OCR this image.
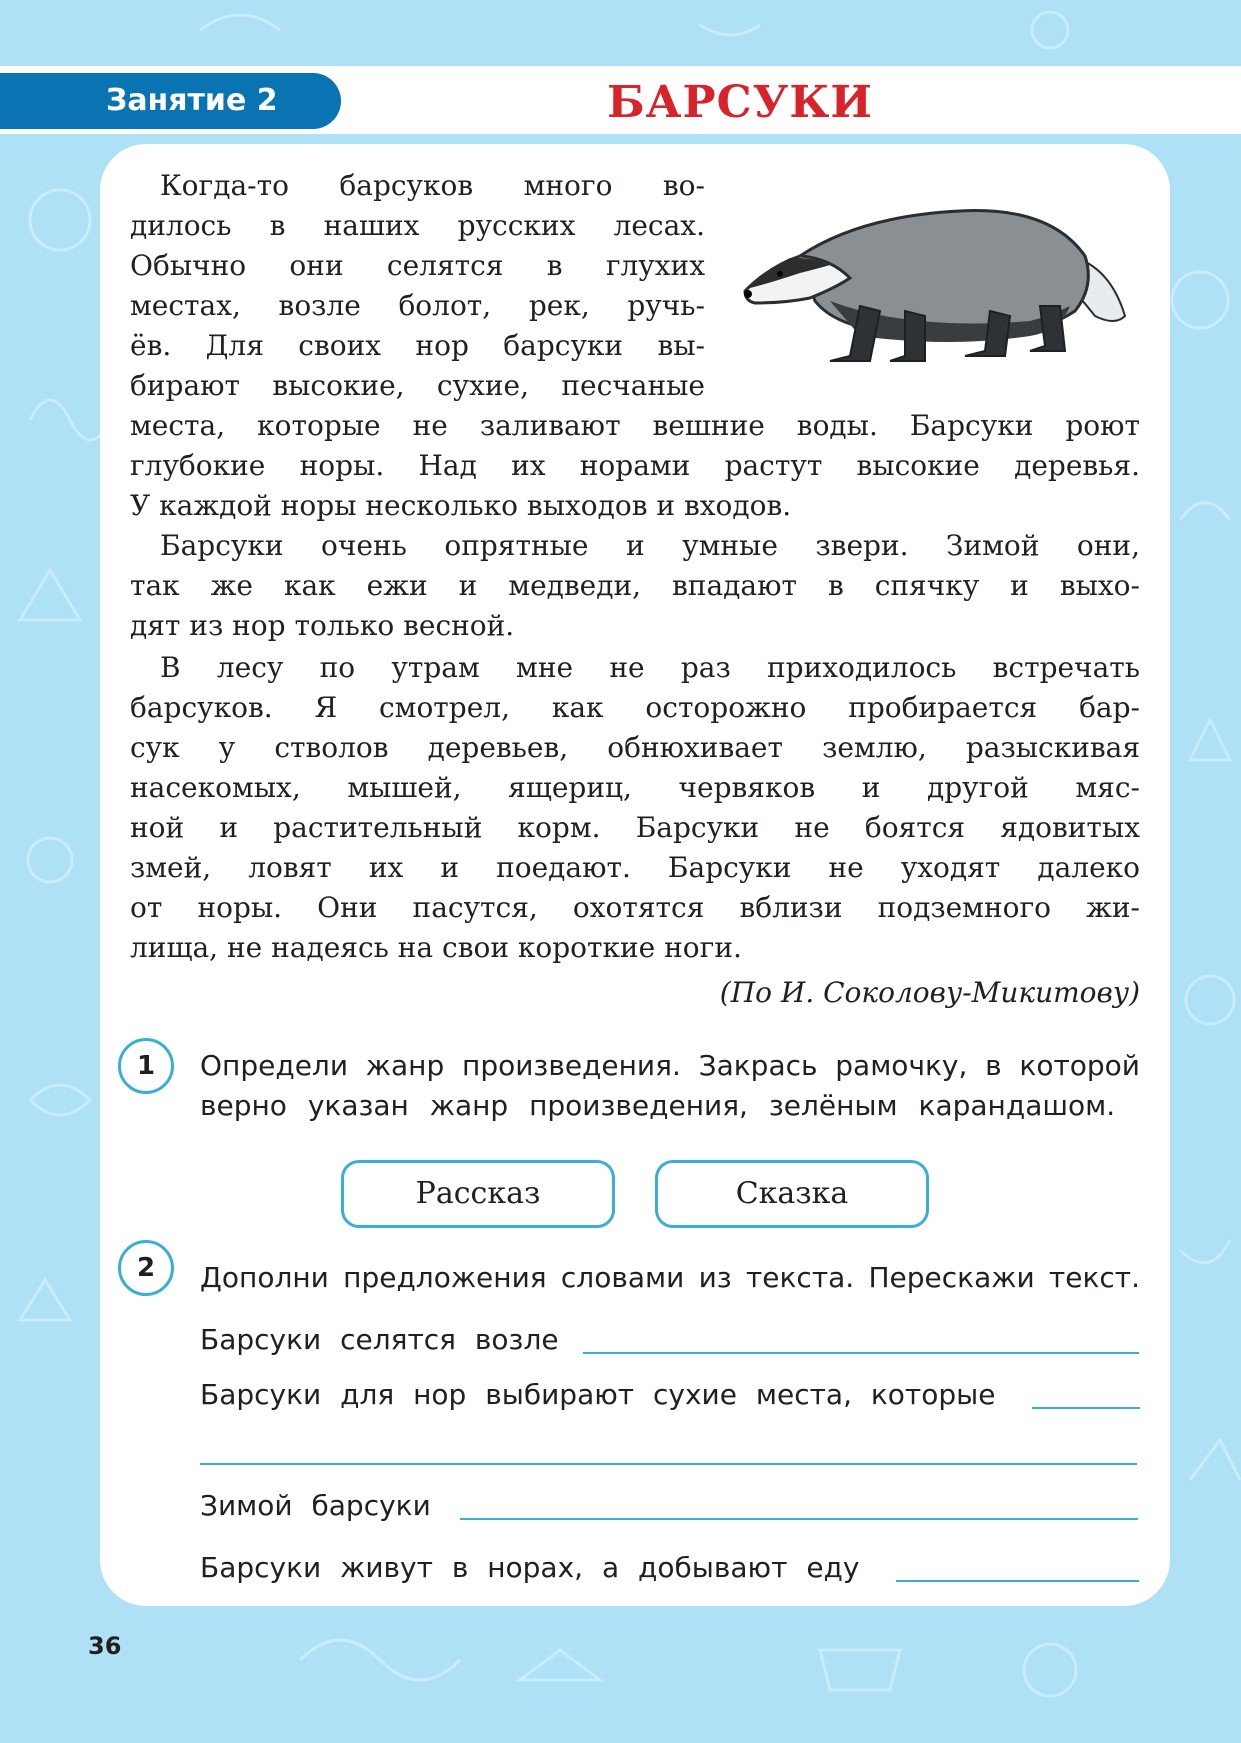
Занятие 2	БАРСУКИ
Когда-то барсуков много во-
дилось в наших русских лесах.
Обычно они селятся в глухих
местах, возле болот, рек, ручь-
ёв. Для своих нор барсуки вы-
бирают высокие, сухие, песчаные
места, которые не заливают вешние воды. Барсуки роют
глубокие норы. Над их норами растут высокие деревья.
У каждой норы несколько выходов и входов.
Барсуки очень опрятные и умные звери. Зимой они,
так же как ежи и медведи, впадают в спячку и выхо-
дят из нор только весной.
В лесу по утрам мне не раз приходилось встречать
барсуков. Я смотрел, как осторожно пробирается бар-
сук у стволов деревьев, обнюхивает землю, разыскивая
насекомых, мышей, ящериц, червяков и другой мяс-
ной и растительный корм. Барсуки не боятся ядовитых
змей, ловят их и поедают. Барсуки не уходят далеко
от норы. Они пасутся, охотятся вблизи подземного жи-
лища, не надеясь на свои короткие ноги.
(По И. Соколову-Микитову)
1	Определи жанр произведения. Закрась рамочку, в которой
верно указан жанр произведения, зелёным карандашом.
Рассказ	Сказка
2	Дополни предложения словами из текста. Перескажи текст.
Барсуки селятся возле
Барсуки для нор выбирают сухие места, которые
Зимой барсуки
Барсуки живут в норах, а добывают еду
36
